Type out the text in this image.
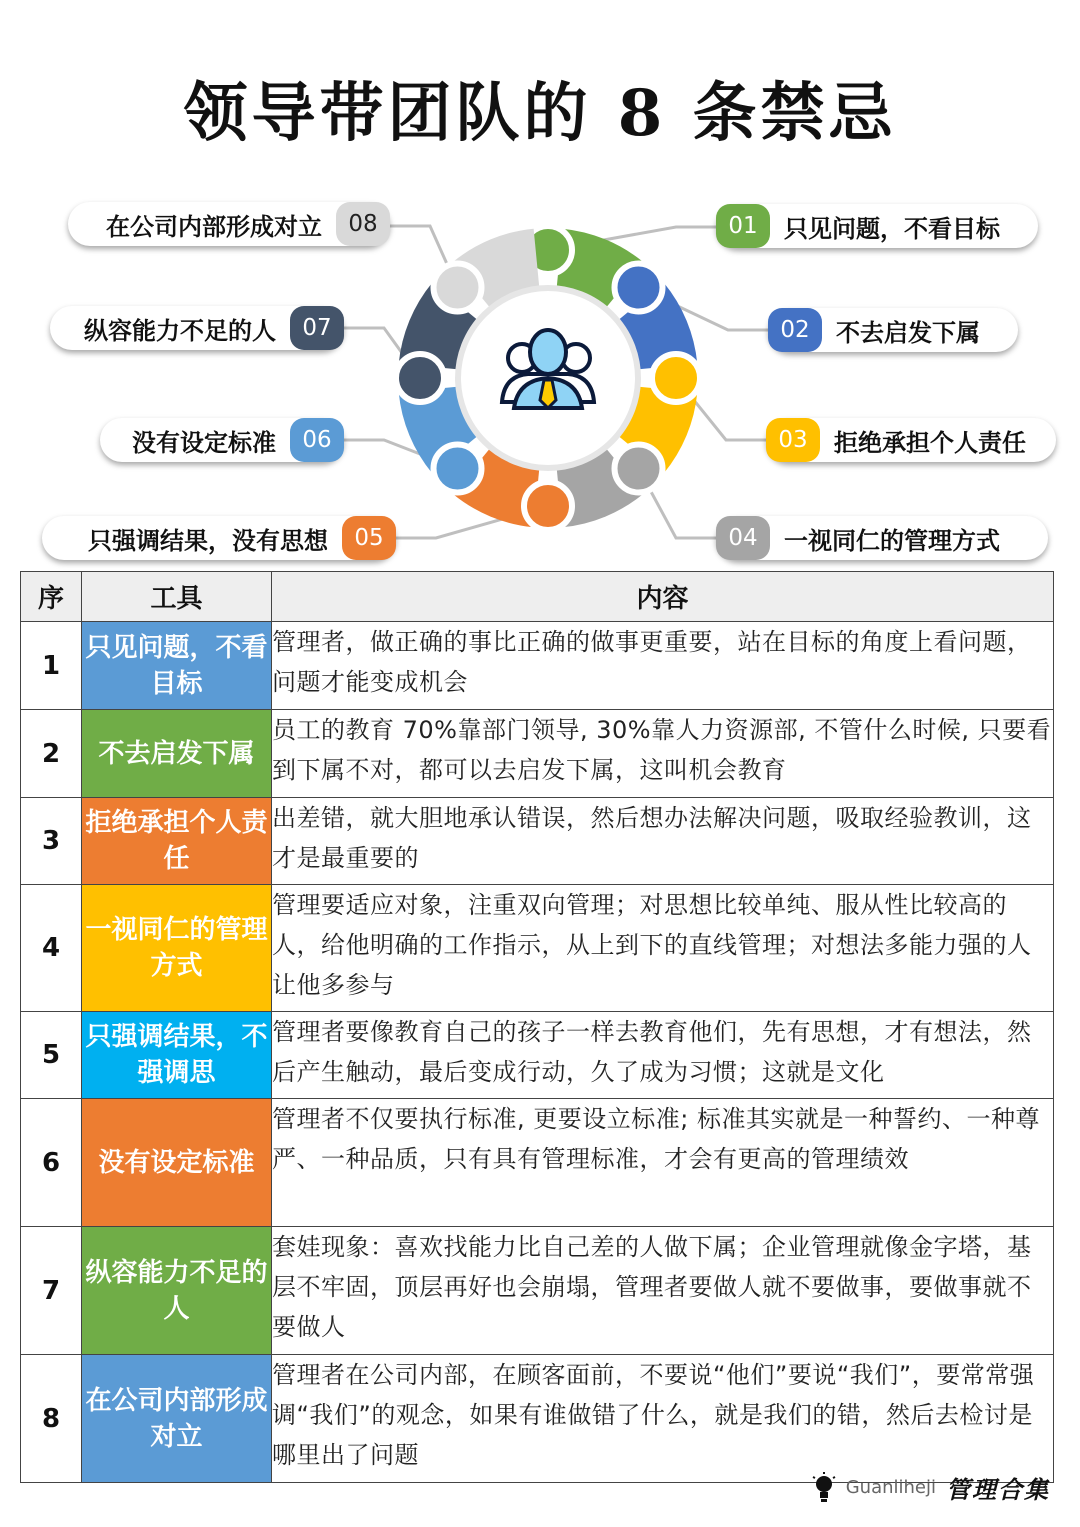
领导带团队的 8 条禁忌
01	只见问题，不看目标
02	不去启发下属
03	拒绝承担个人责任
04	一视同仁的管理方式
05
只强调结果，没有思想
06
没有设定标准
07
纵容能力不足的人
08
在公司内部形成对立
序	工具	内容
1	只见问题，不看目标	管理者，做正确的事比正确的做事更重要，站在目标的角度上看问题，问题才能变成机会
2	不去启发下属	员工的教育 70%靠部门领导, 30%靠人力资源部, 不管什么时候, 只要看到下属不对，都可以去启发下属，这叫机会教育
3	拒绝承担个人责任	出差错，就大胆地承认错误，然后想办法解决问题，吸取经验教训，这才是最重要的
4	一视同仁的管理方式	管理要适应对象，注重双向管理；对思想比较单纯、服从性比较高的人，给他明确的工作指示，从上到下的直线管理；对想法多能力强的人让他多参与
5	只强调结果，不强调思	管理者要像教育自己的孩子一样去教育他们，先有思想，才有想法，然后产生触动，最后变成行动，久了成为习惯；这就是文化
6	没有设定标准	管理者不仅要执行标准, 更要设立标准; 标准其实就是一种誓约、一种尊严、一种品质，只有具有管理标准，才会有更高的管理绩效
7	纵容能力不足的人	套娃现象：喜欢找能力比自己差的人做下属；企业管理就像金字塔，基层不牢固，顶层再好也会崩塌，管理者要做人就不要做事，要做事就不要做人
8	在公司内部形成对立	管理者在公司内部，在顾客面前，不要说“他们”要说“我们”，要常常强调“我们”的观念，如果有谁做错了什么，就是我们的错，然后去检讨是哪里出了问题
Guanliheji 管理合集
